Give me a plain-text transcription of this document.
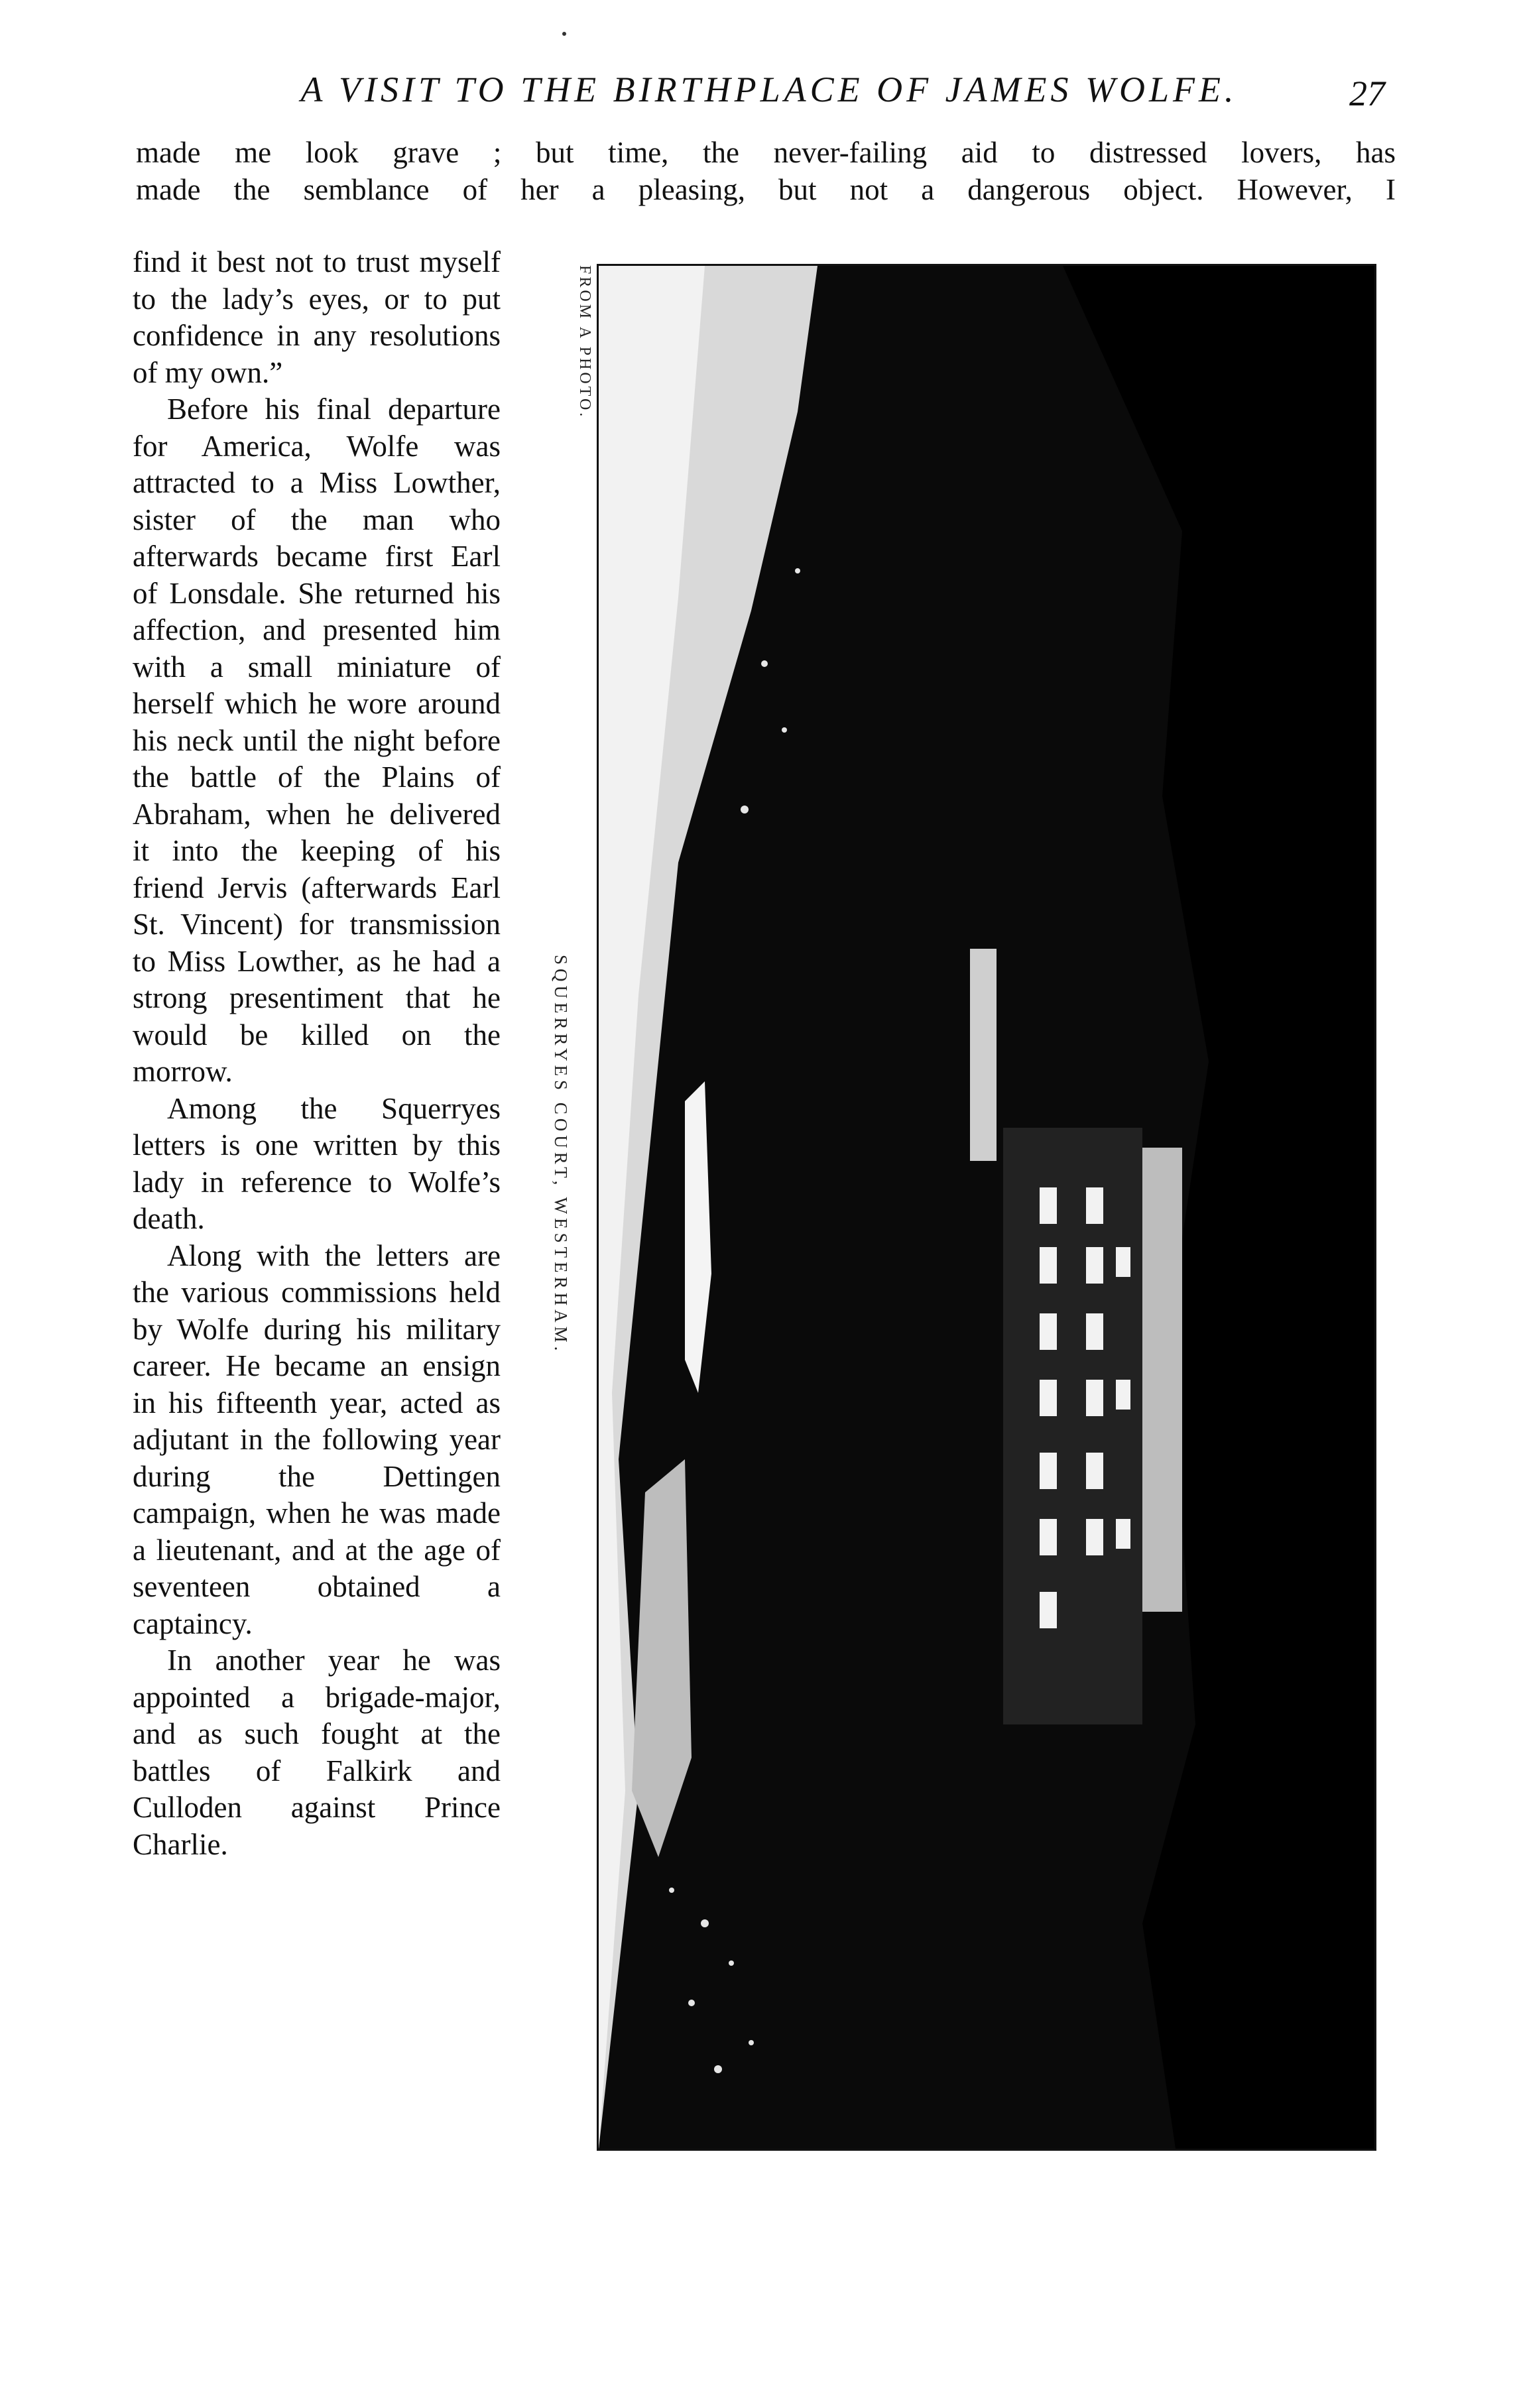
A VISIT TO THE BIRTHPLACE OF JAMES WOLFE.	27
made me look grave ; but time, the never-failing aid to distressed lovers, has
made the semblance of her a pleasing, but not a dangerous object. However, I

find it best not to trust myself to the lady’s eyes, or to put confidence in any resolutions of my own.”

Before his final departure for America, Wolfe was attracted to a Miss Lowther, sister of the man who afterwards became first Earl of Lonsdale. She returned his affection, and presented him with a small miniature of herself which he wore around his neck until the night before the battle of the Plains of Abraham, when he delivered it into the keeping of his friend Jervis (afterwards Earl St. Vincent) for transmission to Miss Lowther, as he had a strong presentiment that he would be killed on the morrow.

Among the Squerryes letters is one written by this lady in reference to Wolfe’s death.

Along with the letters are the various commissions held by Wolfe during his military career. He became an ensign in his fifteenth year, acted as adjutant in the following year during the Dettingen campaign, when he was made a lieutenant, and at the age of seventeen obtained a captaincy.

In another year he was appointed a brigade-major, and as such fought at the battles of Falkirk and Culloden against Prince Charlie.

FROM A PHOTO.
SQUERRYES COURT, WESTERHAM.
